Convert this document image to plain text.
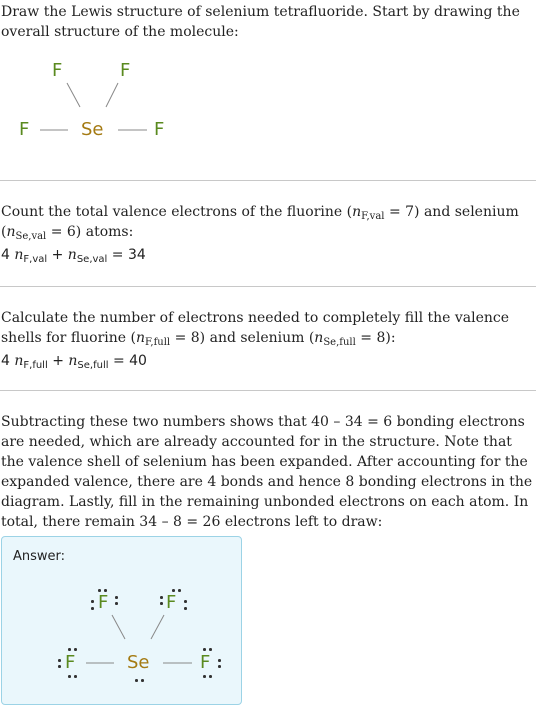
Draw the Lewis structure of selenium tetrafluoride. Start by drawing the overall structure of the molecule:

F	F
F	Se	F

Count the total valence electrons of the fluorine $(n_{F,val} = 7)$ and selenium $(n_{Se,val} = 6)$ atoms:

4 $n_{F,val} + n_{Se,val} = 34$

Calculate the number of electrons needed to completely fill the valence shells for fluorine $(n_{F,full} = 8)$ and selenium $(n_{Se,full} = 8)$:

4 $n_{F,full} + n_{Se,full} = 40$

Subtracting these two numbers shows that 40 – 34 = 6 bonding electrons are needed, which are already accounted for in the structure. Note that the valence shell of selenium has been expanded. After accounting for the expanded valence, there are 4 bonds and hence 8 bonding electrons in the diagram. Lastly, fill in the remaining unbonded electrons on each atom. In total, there remain 34 – 8 = 26 electrons left to draw:

Answer:
F	F
F	Se	F
